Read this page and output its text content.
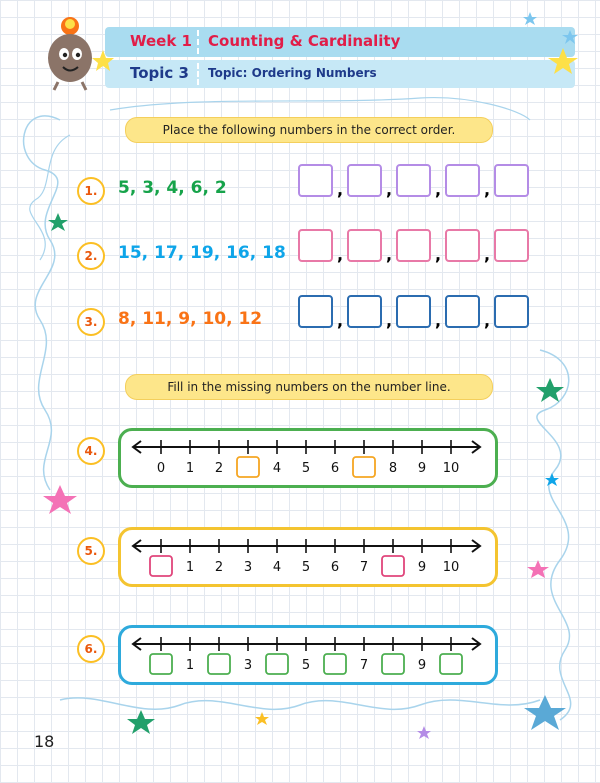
Week 1 Counting & Cardinality
Topic 3 Topic: Ordering Numbers
Place the following numbers in the correct order.
1.	5, 3, 4, 6, 2
2.	15, 17, 19, 16, 18
3.	8, 11, 9, 10, 12
,	,	,	,
,	,	,	,
,	,	,	,
Fill in the missing numbers on the number line.
4.
5.
6.
0 1 2	4 5 6	8 9 10
1 2 3 4 5 6 7	9 10
1	3	5	7	9
18
